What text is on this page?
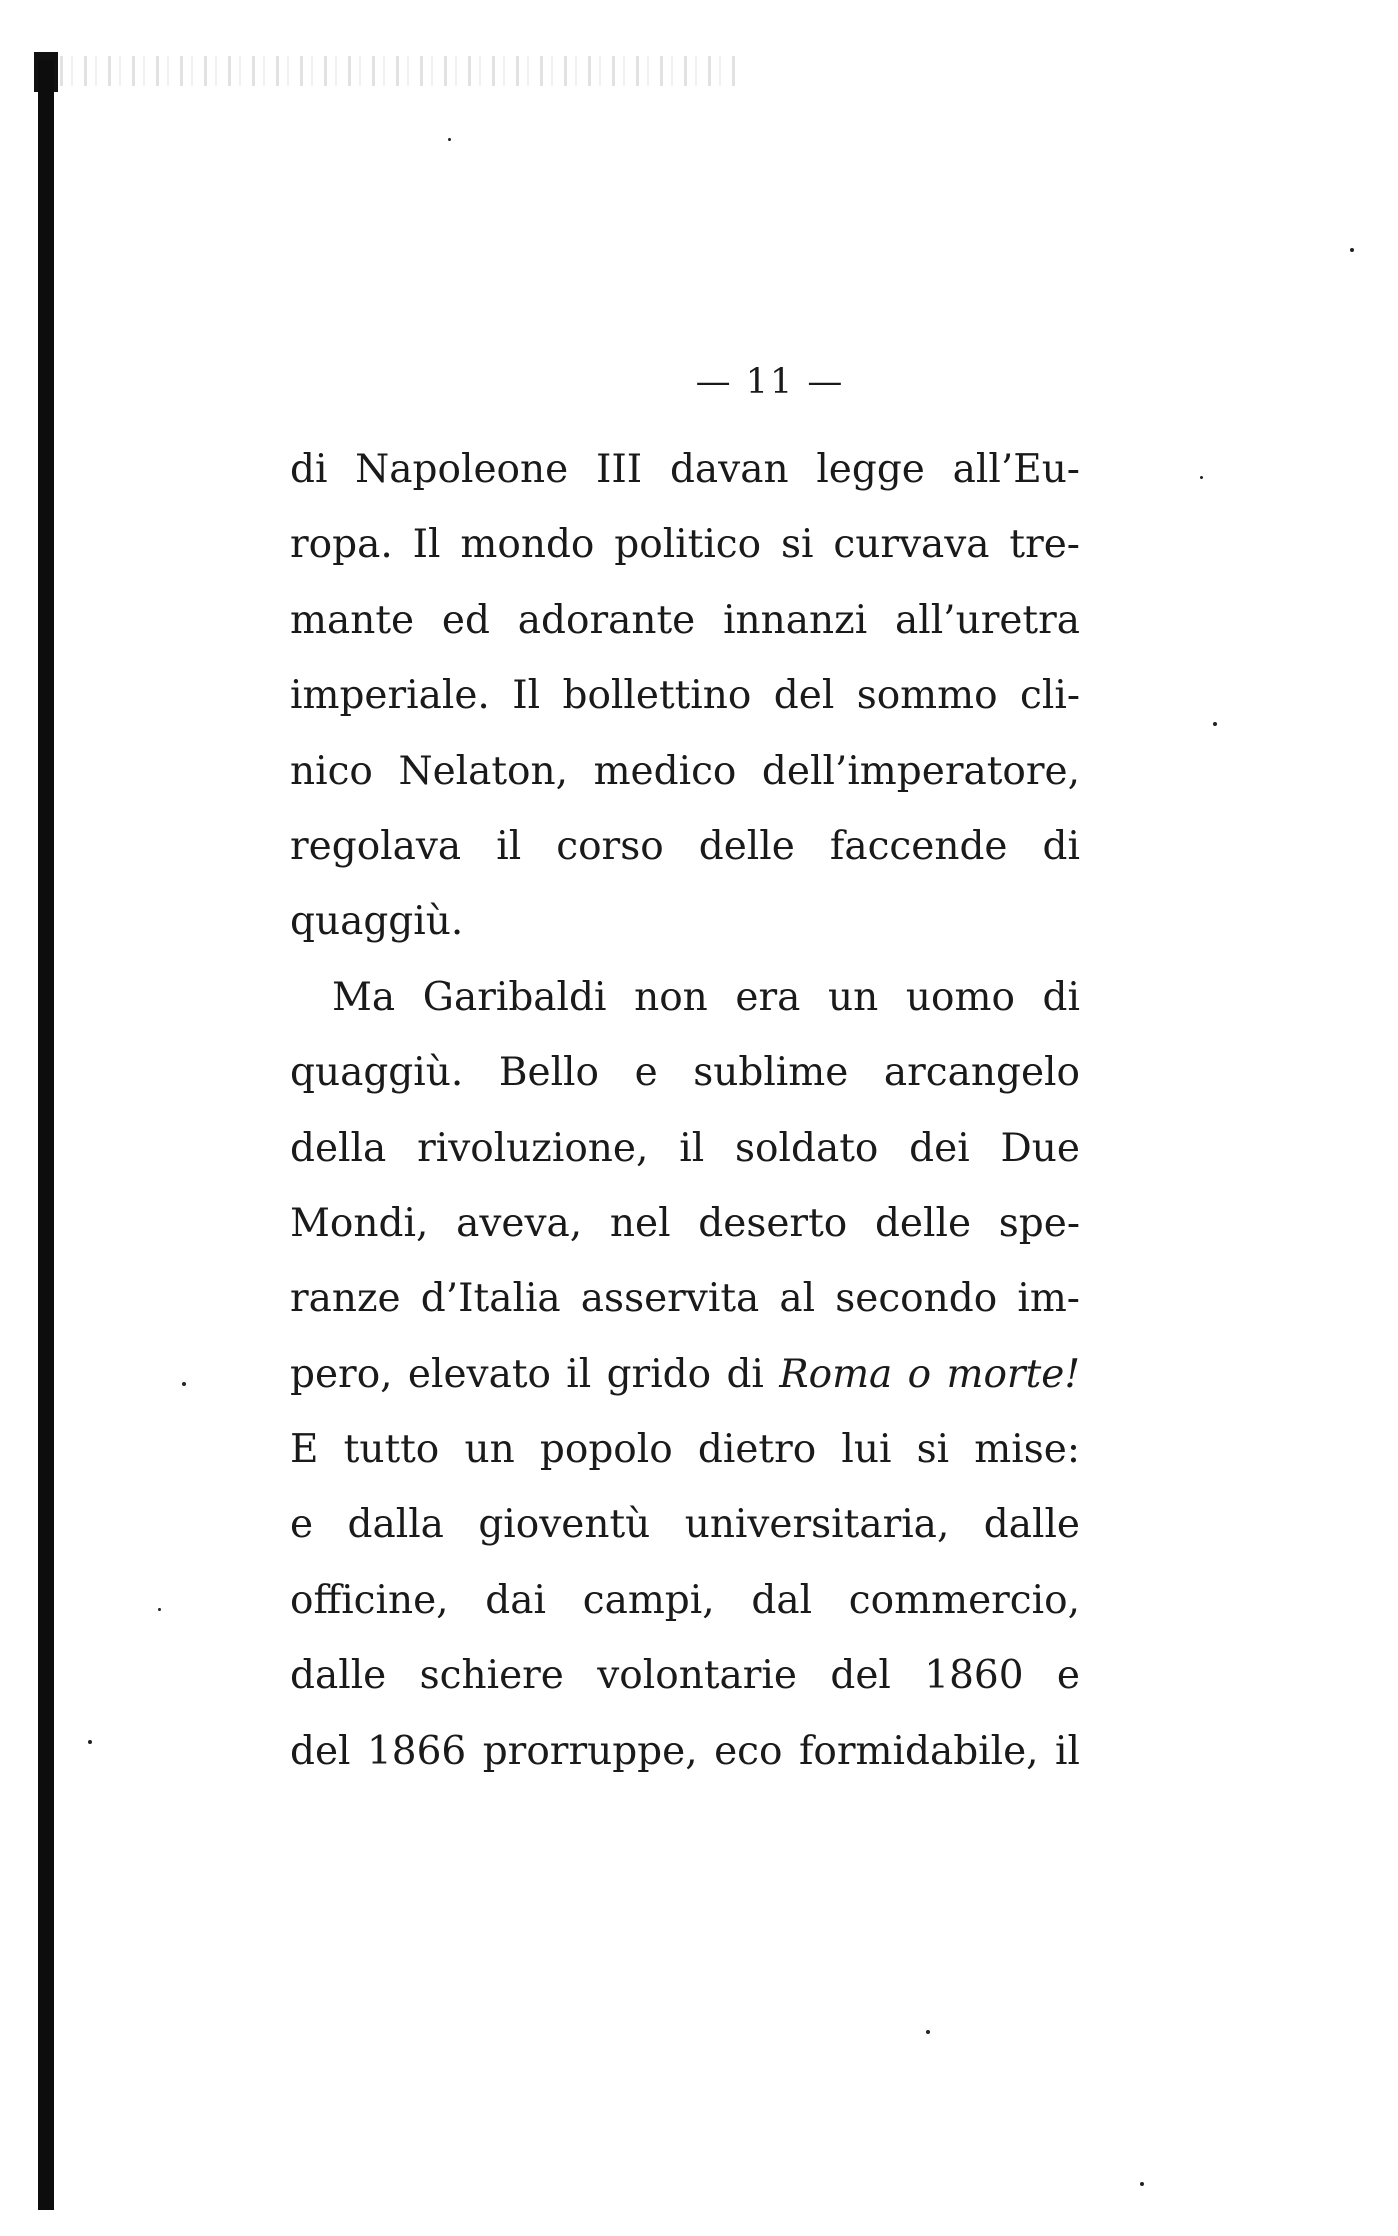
— 11 —
di Napoleone III davan legge all’Eu-
ropa. Il mondo politico si curvava tre-
mante ed adorante innanzi all’uretra
imperiale. Il bollettino del sommo cli-
nico Nelaton, medico dell’imperatore,
regolava il corso delle faccende di
quaggiù.
Ma Garibaldi non era un uomo di
quaggiù. Bello e sublime arcangelo
della rivoluzione, il soldato dei Due
Mondi, aveva, nel deserto delle spe-
ranze d’Italia asservita al secondo im-
pero, elevato il grido di Roma o morte!
E tutto un popolo dietro lui si mise:
e dalla gioventù universitaria, dalle
officine, dai campi, dal commercio,
dalle schiere volontarie del 1860 e
del 1866 prorruppe, eco formidabile, il
